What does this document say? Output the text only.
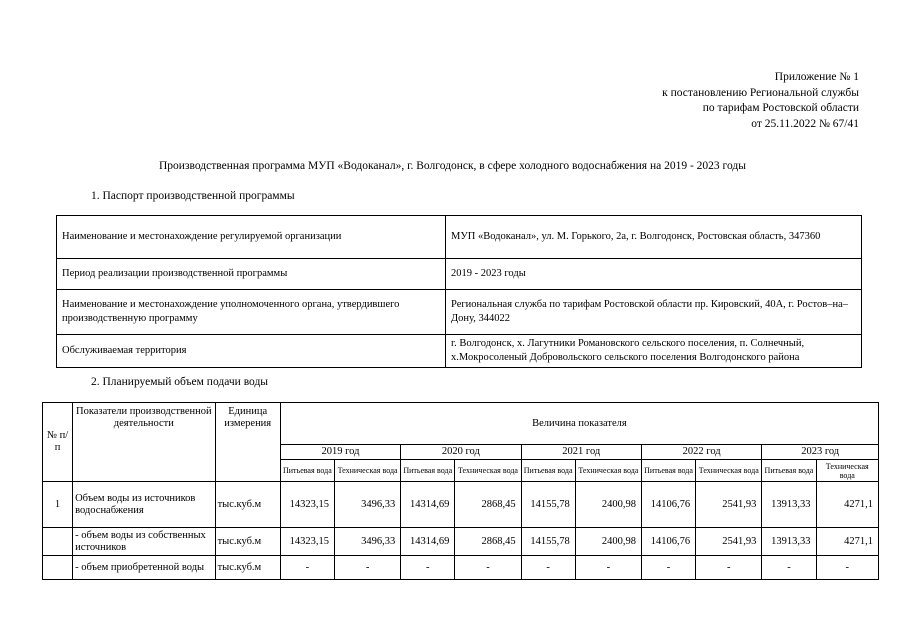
Приложение № 1
к постановлению Региональной службы
по тарифам Ростовской области
от 25.11.2022 № 67/41
Производственная программа МУП «Водоканал», г. Волгодонск, в сфере холодного водоснабжения на 2019 - 2023 годы
1. Паспорт производственной программы
Наименование и местонахождение регулируемой организации	МУП «Водоканал», ул. М. Горького, 2а, г. Волгодонск, Ростовская область, 347360
Период реализации производственной программы	2019 - 2023 годы
Наименование и местонахождение уполномоченного органа, утвердившего производственную программу	Региональная служба по тарифам Ростовской области пр. Кировский, 40А, г. Ростов–на–Дону, 344022
Обслуживаемая территория	г. Волгодонск, х. Лагутники Романовского сельского поселения, п. Солнечный, х.Мокросоленый Добровольского сельского поселения Волгодонского района
2. Планируемый объем подачи воды
№ п/п	Показатели производственной деятельности	Единица измерения	Величина показателя									
			2019 год		2020 год		2021 год		2022 год		2023 год	
			Питьевая вода	Техническая вода	Питьевая вода	Техническая вода	Питьевая вода	Техническая вода	Питьевая вода	Техническая вода	Питьевая вода	Техническая вода
1	Объем воды из источников водоснабжения	тыс.куб.м	14323,15	3496,33	14314,69	2868,45	14155,78	2400,98	14106,76	2541,93	13913,33	4271,1
	- объем воды из собственных источников	тыс.куб.м	14323,15	3496,33	14314,69	2868,45	14155,78	2400,98	14106,76	2541,93	13913,33	4271,1
	- объем приобретенной воды	тыс.куб.м	-	-	-	-	-	-	-	-	-	-
